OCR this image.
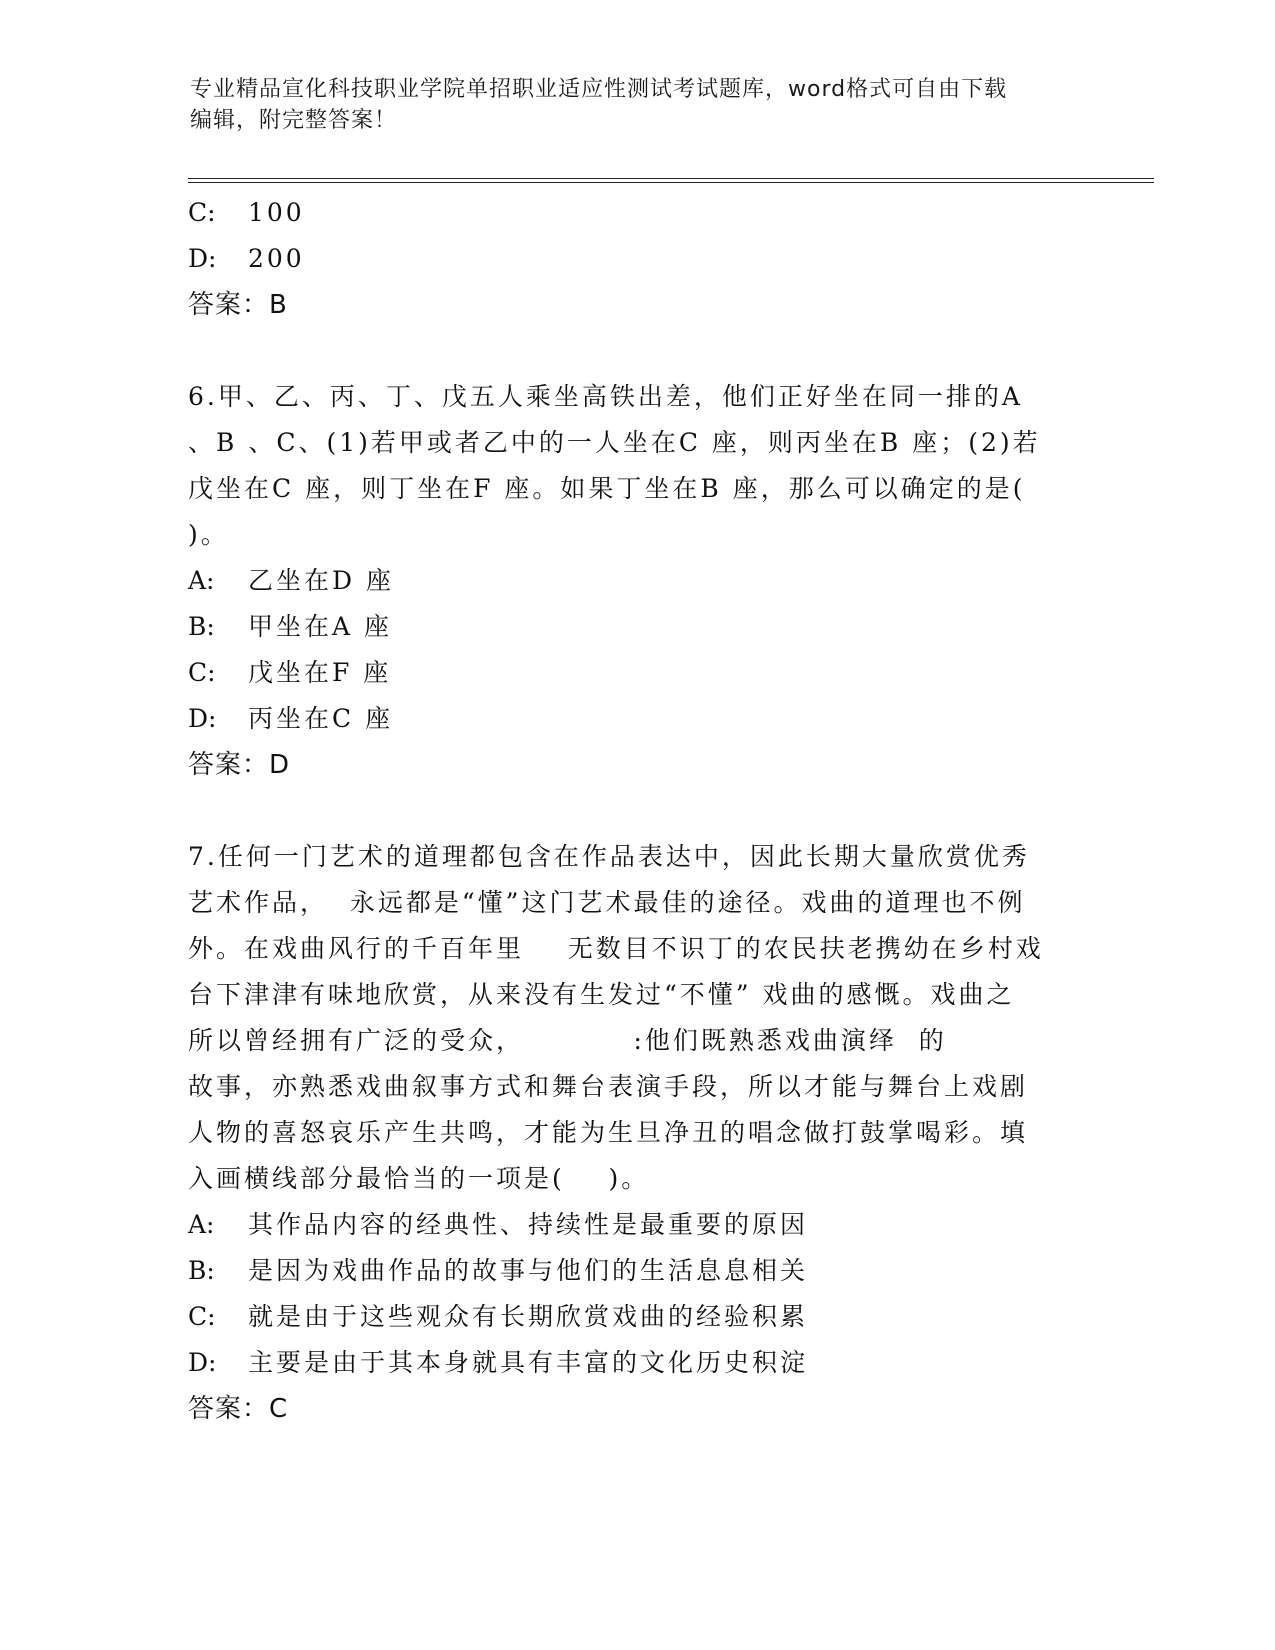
专业精品宣化科技职业学院单招职业适应性测试考试题库，word格式可自由下载
编辑，附完整答案！
C: 100
D: 200
答案：B
6.甲、乙、丙、丁、戊五人乘坐高铁出差，他们正好坐在同一排的A
、B 、C、(1)若甲或者乙中的一人坐在C 座，则丙坐在B 座；(2)若
戊坐在C 座，则丁坐在F 座。如果丁坐在B 座，那么可以确定的是(
)。
A: 乙坐在D 座
B: 甲坐在A 座
C: 戊坐在F 座
D: 丙坐在C 座
答案：D
7.任何一门艺术的道理都包含在作品表达中，因此长期大量欣赏优秀
艺术作品，  永远都是“懂”这门艺术最佳的途径。戏曲的道理也不例
外。在戏曲风行的千百年里    无数目不识丁的农民扶老携幼在乡村戏
台下津津有味地欣赏，从来没有生发过“不懂” 戏曲的感慨。戏曲之
所以曾经拥有广泛的受众，          :他们既熟悉戏曲演绎  的
故事，亦熟悉戏曲叙事方式和舞台表演手段，所以才能与舞台上戏剧
人物的喜怒哀乐产生共鸣，才能为生旦净丑的唱念做打鼓掌喝彩。填
入画横线部分最恰当的一项是(    )。
A: 其作品内容的经典性、持续性是最重要的原因
B: 是因为戏曲作品的故事与他们的生活息息相关
C: 就是由于这些观众有长期欣赏戏曲的经验积累
D: 主要是由于其本身就具有丰富的文化历史积淀
答案：C
